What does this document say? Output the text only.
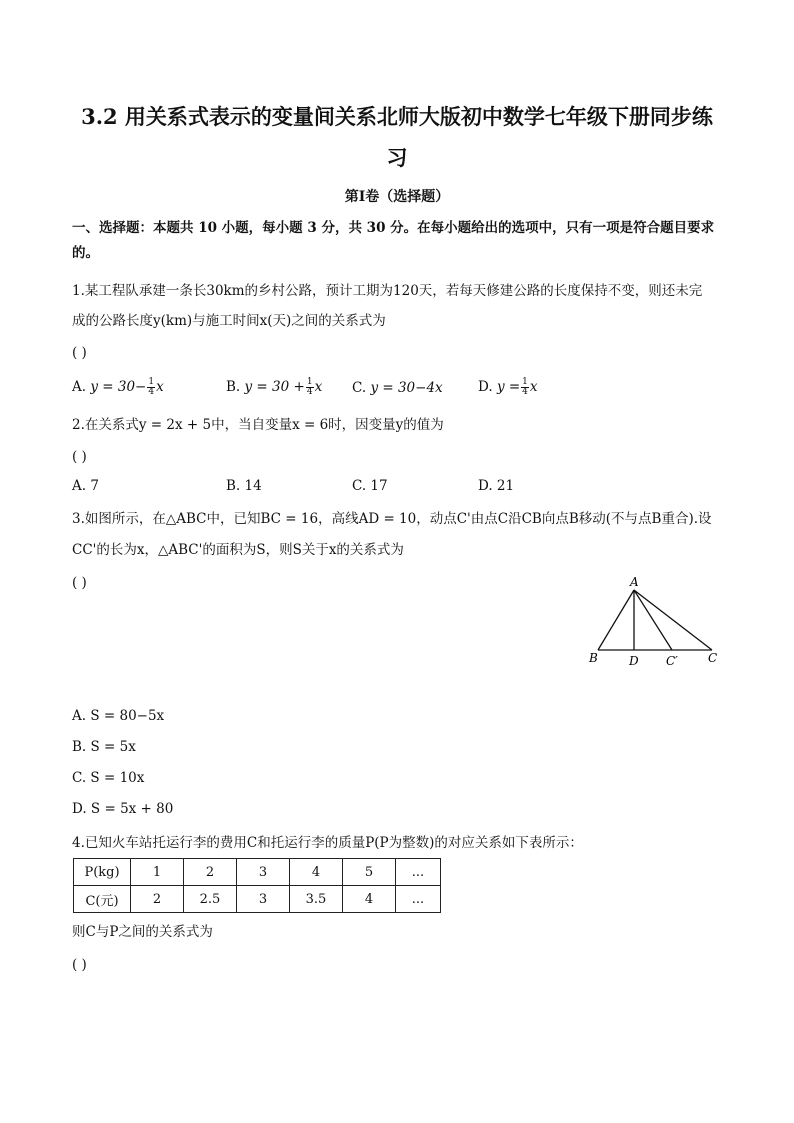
3.2 用关系式表示的变量间关系北师大版初中数学七年级下册同步练
习
第I卷（选择题）
一、选择题：本题共 10 小题，每小题 3 分，共 30 分。在每小题给出的选项中，只有一项是符合题目要求
的。
1.某工程队承建一条长30km的乡村公路，预计工期为120天，若每天修建公路的长度保持不变，则还未完
成的公路长度y(km)与施工时间x(天)之间的关系式为
( )
A. $y = 30- \frac{1}{4}$ x	B. $y = 30 + \frac{1}{4}$ x C. y = 30−4x	D. $y = \frac{1}{4}$ x
2.在关系式y = 2x + 5中，当自变量x = 6时，因变量y的值为
( )
A. 7	B. 14	C. 17	D. 21
3.如图所示，在△ABC中，已知BC = 16，高线AD = 10，动点C'由点C沿CB向点B移动(不与点B重合).设
CC'的长为x，△ABC'的面积为S，则S关于x的关系式为
( )	A
B	D C′	C
A. S = 80−5x
B. S = 5x
C. S = 10x
D. S = 5x + 80
4.已知火车站托运行李的费用C和托运行李的质量P(P为整数)的对应关系如下表所示：
P(kg)	1	2	3	4	5	...
C(元)	2	2.5	3	3.5	4	...
则C与P之间的关系式为
( )
